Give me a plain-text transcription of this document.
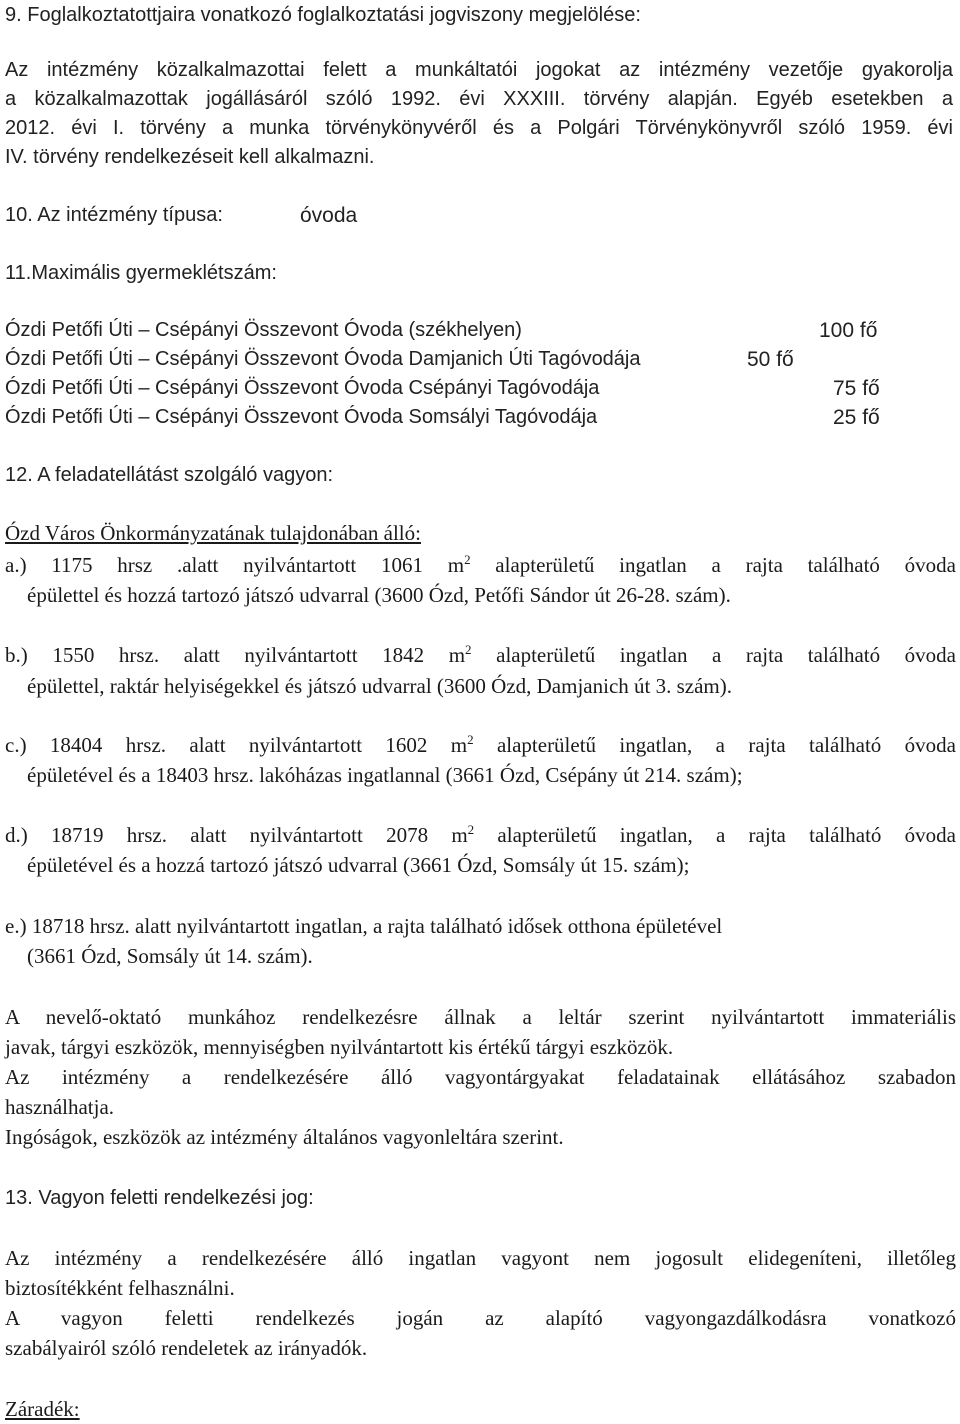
9. Foglalkoztatottjaira vonatkozó foglalkoztatási jogviszony megjelölése:
Az intézmény közalkalmazottai felett a munkáltatói jogokat az intézmény vezetője gyakorolja
a közalkalmazottak jogállásáról szóló 1992. évi XXXIII. törvény alapján. Egyéb esetekben a
2012. évi I. törvény a munka törvénykönyvéről és a Polgári Törvénykönyvről szóló 1959. évi
IV. törvény rendelkezéseit kell alkalmazni.
10. Az intézmény típusa:	óvoda
11.Maximális gyermeklétszám:
Ózdi Petőfi Úti – Csépányi Összevont Óvoda (székhelyen)	100 fő
Ózdi Petőfi Úti – Csépányi Összevont Óvoda Damjanich Úti Tagóvodája	50 fő
Ózdi Petőfi Úti – Csépányi Összevont Óvoda Csépányi Tagóvodája	75 fő
Ózdi Petőfi Úti – Csépányi Összevont Óvoda Somsályi Tagóvodája	25 fő
12. A feladatellátást szolgáló vagyon:
Ózd Város Önkormányzatának tulajdonában álló:
a.) 1175 hrsz .alatt nyilvántartott 1061 $m^2$ alapterületű ingatlan a rajta található óvoda
épülettel és hozzá tartozó játszó udvarral (3600 Ózd, Petőfi Sándor út 26-28. szám).
b.) 1550 hrsz. alatt nyilvántartott 1842 $m^2$ alapterületű ingatlan a rajta található óvoda
épülettel, raktár helyiségekkel és játszó udvarral (3600 Ózd, Damjanich út 3. szám).
c.) 18404 hrsz. alatt nyilvántartott 1602 $m^2$ alapterületű ingatlan, a rajta található óvoda
épületével és a 18403 hrsz. lakóházas ingatlannal (3661 Ózd, Csépány út 214. szám);
d.) 18719 hrsz. alatt nyilvántartott 2078 $m^2$ alapterületű ingatlan, a rajta található óvoda
épületével és a hozzá tartozó játszó udvarral (3661 Ózd, Somsály út 15. szám);
e.) 18718 hrsz. alatt nyilvántartott ingatlan, a rajta található idősek otthona épületével
(3661 Ózd, Somsály út 14. szám).
A nevelő-oktató munkához rendelkezésre állnak a leltár szerint nyilvántartott immateriális
javak, tárgyi eszközök, mennyiségben nyilvántartott kis értékű tárgyi eszközök.
Az intézmény a rendelkezésére álló vagyontárgyakat feladatainak ellátásához szabadon
használhatja.
Ingóságok, eszközök az intézmény általános vagyonleltára szerint.
13. Vagyon feletti rendelkezési jog:
Az intézmény a rendelkezésére álló ingatlan vagyont nem jogosult elidegeníteni, illetőleg
biztosítékként felhasználni.
A vagyon feletti rendelkezés jogán az alapító vagyongazdálkodásra vonatkozó
szabályairól szóló rendeletek az irányadók.
Záradék:
